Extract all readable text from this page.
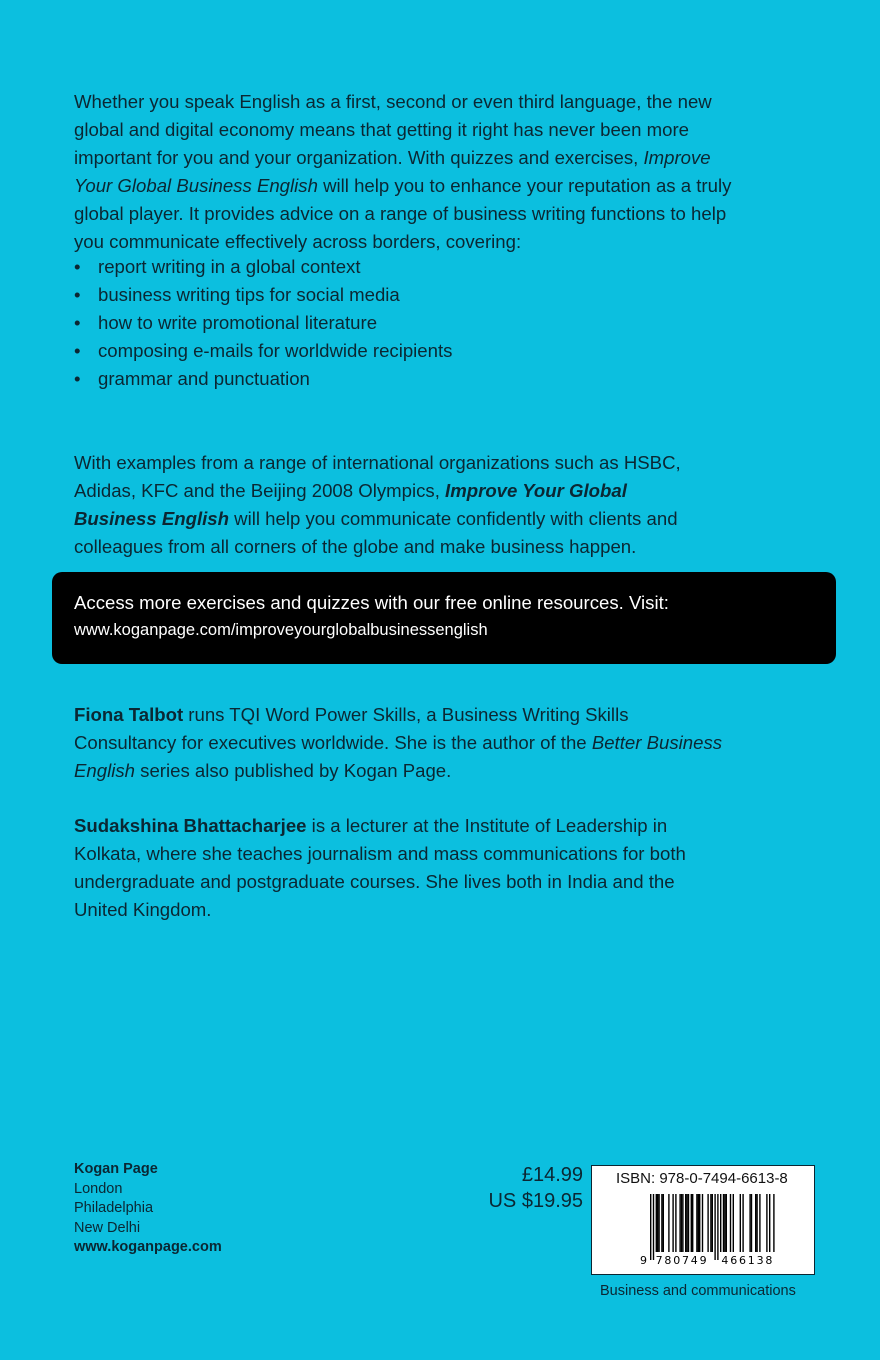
Whether you speak English as a first, second or even third language, the new
global and digital economy means that getting it right has never been more
important for you and your organization. With quizzes and exercises, Improve
Your Global Business English will help you to enhance your reputation as a truly
global player. It provides advice on a range of business writing functions to help
you communicate effectively across borders, covering:
• report writing in a global context
• business writing tips for social media
• how to write promotional literature
• composing e-mails for worldwide recipients
• grammar and punctuation
With examples from a range of international organizations such as HSBC,
Adidas, KFC and the Beijing 2008 Olympics, Improve Your Global
Business English will help you communicate confidently with clients and
colleagues from all corners of the globe and make business happen.
Access more exercises and quizzes with our free online resources. Visit:
www.koganpage.com/improveyourglobalbusinessenglish
Fiona Talbot runs TQI Word Power Skills, a Business Writing Skills
Consultancy for executives worldwide. She is the author of the Better Business
English series also published by Kogan Page.
Sudakshina Bhattacharjee is a lecturer at the Institute of Leadership in
Kolkata, where she teaches journalism and mass communications for both
undergraduate and postgraduate courses. She lives both in India and the
United Kingdom.
Kogan Page
London
Philadelphia
New Delhi
www.koganpage.com
£14.99
US $19.95
ISBN: 978-0-7494-6613-8
9 780749 466138
Business and communications
